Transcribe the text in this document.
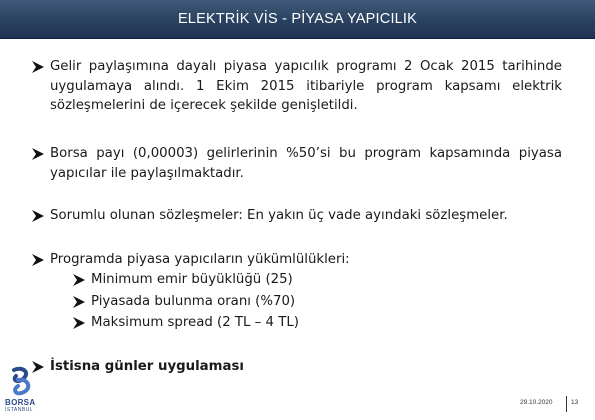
ELEKTRİK VİS - PİYASA YAPICILIK
Gelir paylaşımına dayalı piyasa yapıcılık programı 2 Ocak 2015 tarihinde uygulamaya alındı. 1 Ekim 2015 itibariyle program kapsamı elektrik sözleşmelerini de içerecek şekilde genişletildi.
Borsa payı (0,00003) gelirlerinin %50’si bu program kapsamında piyasa yapıcılar ile paylaşılmaktadır.
Sorumlu olunan sözleşmeler: En yakın üç vade ayındaki sözleşmeler.
Programda piyasa yapıcıların yükümlülükleri:
Minimum emir büyüklüğü (25)
Piyasada bulunma oranı (%70)
Maksimum spread (2 TL – 4 TL)
İstisna günler uygulaması
BORSA
İSTANBUL
29.10.2020	13
